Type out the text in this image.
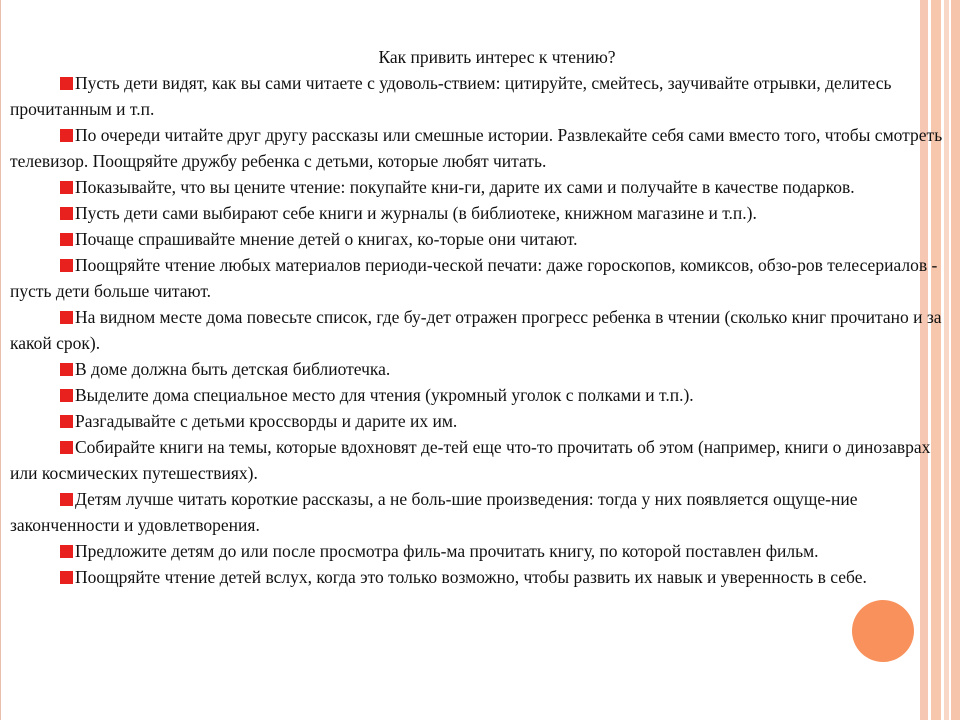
Как привить интерес к чтению?

Пусть дети видят, как вы сами читаете с удоволь-ствием: цитируйте, смейтесь, заучивайте отрывки, делитесь прочитанным и т.п.

По очереди читайте друг другу рассказы или смешные истории. Развлекайте себя сами вместо того, чтобы смотреть телевизор. Поощряйте дружбу ребенка с детьми, которые любят читать.

Показывайте, что вы цените чтение: покупайте кни-ги, дарите их сами и получайте в качестве подарков.

Пусть дети сами выбирают себе книги и журналы (в библиотеке, книжном магазине и т.п.).

Почаще спрашивайте мнение детей о книгах, ко-торые они читают.

Поощряйте чтение любых материалов периоди-ческой печати: даже гороскопов, комиксов, обзо-ров телесериалов - пусть дети больше читают.

На видном месте дома повесьте список, где бу-дет отражен прогресс ребенка в чтении (сколько книг прочитано и за какой срок).

В доме должна быть детская библиотечка.

Выделите дома специальное место для чтения (укромный уголок с полками и т.п.).

Разгадывайте с детьми кроссворды и дарите их им.

Собирайте книги на темы, которые вдохновят де-тей еще что-то прочитать об этом (например, книги о динозаврах или космических путешествиях).

Детям лучше читать короткие рассказы, а не боль-шие произведения: тогда у них появляется ощуще-ние законченности и удовлетворения.

Предложите детям до или после просмотра филь-ма прочитать книгу, по которой поставлен фильм.

Поощряйте чтение детей вслух, когда это только возможно, чтобы развить их навык и уверенность в себе.
